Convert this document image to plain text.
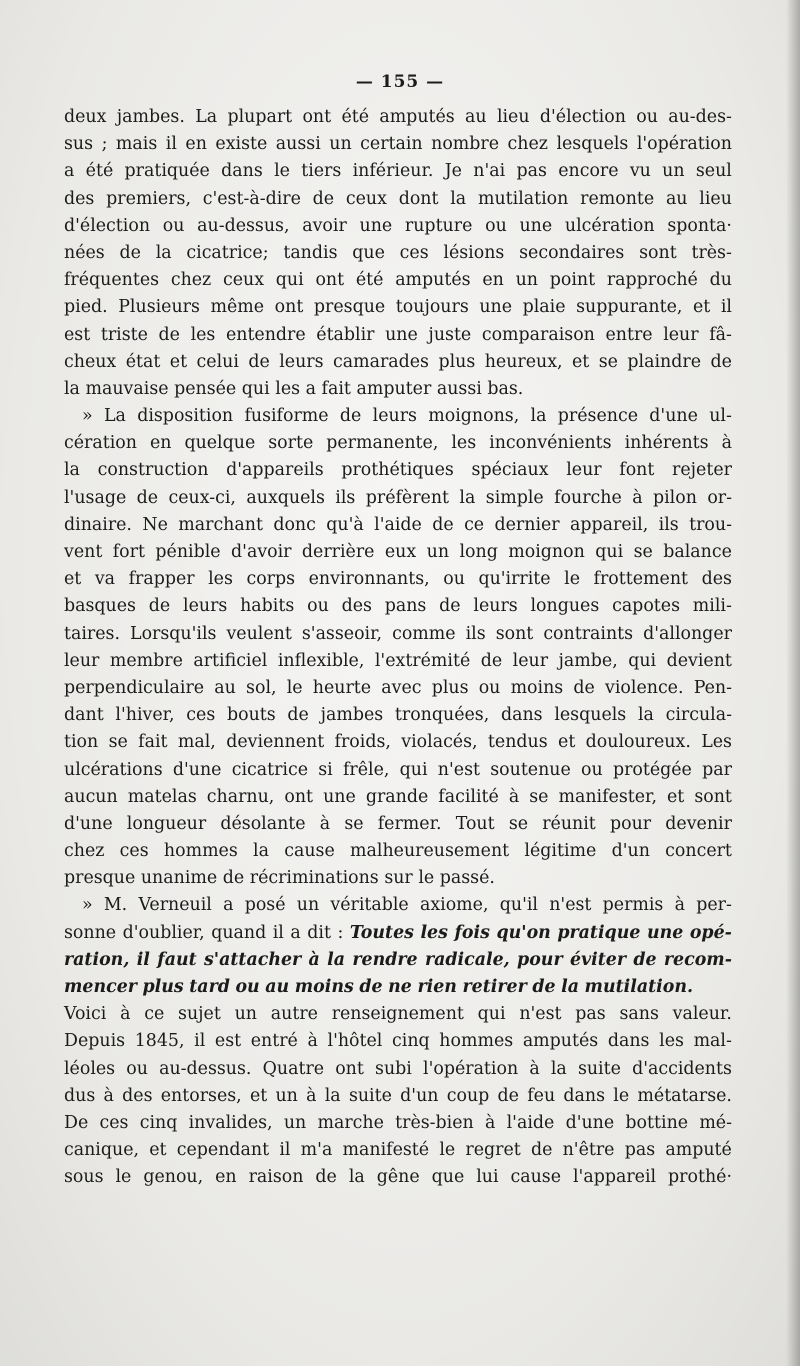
— 155 —
deux jambes. La plupart ont été amputés au lieu d'élection ou au-des-
sus ; mais il en existe aussi un certain nombre chez lesquels l'opération
a été pratiquée dans le tiers inférieur. Je n'ai pas encore vu un seul
des premiers, c'est-à-dire de ceux dont la mutilation remonte au lieu
d'élection ou au-dessus, avoir une rupture ou une ulcération sponta·
nées de la cicatrice; tandis que ces lésions secondaires sont très-
fréquentes chez ceux qui ont été amputés en un point rapproché du
pied. Plusieurs même ont presque toujours une plaie suppurante, et il
est triste de les entendre établir une juste comparaison entre leur fâ-
cheux état et celui de leurs camarades plus heureux, et se plaindre de
la mauvaise pensée qui les a fait amputer aussi bas.
» La disposition fusiforme de leurs moignons, la présence d'une ul-
cération en quelque sorte permanente, les inconvénients inhérents à
la construction d'appareils prothétiques spéciaux leur font rejeter
l'usage de ceux-ci, auxquels ils préfèrent la simple fourche à pilon or-
dinaire. Ne marchant donc qu'à l'aide de ce dernier appareil, ils trou-
vent fort pénible d'avoir derrière eux un long moignon qui se balance
et va frapper les corps environnants, ou qu'irrite le frottement des
basques de leurs habits ou des pans de leurs longues capotes mili-
taires. Lorsqu'ils veulent s'asseoir, comme ils sont contraints d'allonger
leur membre artificiel inflexible, l'extrémité de leur jambe, qui devient
perpendiculaire au sol, le heurte avec plus ou moins de violence. Pen-
dant l'hiver, ces bouts de jambes tronquées, dans lesquels la circula-
tion se fait mal, deviennent froids, violacés, tendus et douloureux. Les
ulcérations d'une cicatrice si frêle, qui n'est soutenue ou protégée par
aucun matelas charnu, ont une grande facilité à se manifester, et sont
d'une longueur désolante à se fermer. Tout se réunit pour devenir
chez ces hommes la cause malheureusement légitime d'un concert
presque unanime de récriminations sur le passé.
» M. Verneuil a posé un véritable axiome, qu'il n'est permis à per-
sonne d'oublier, quand il a dit : Toutes les fois qu'on pratique une opé-
ration, il faut s'attacher à la rendre radicale, pour éviter de recom-
mencer plus tard ou au moins de ne rien retirer de la mutilation.
Voici à ce sujet un autre renseignement qui n'est pas sans valeur.
Depuis 1845, il est entré à l'hôtel cinq hommes amputés dans les mal-
léoles ou au-dessus. Quatre ont subi l'opération à la suite d'accidents
dus à des entorses, et un à la suite d'un coup de feu dans le métatarse.
De ces cinq invalides, un marche très-bien à l'aide d'une bottine mé-
canique, et cependant il m'a manifesté le regret de n'être pas amputé
sous le genou, en raison de la gêne que lui cause l'appareil prothé·
